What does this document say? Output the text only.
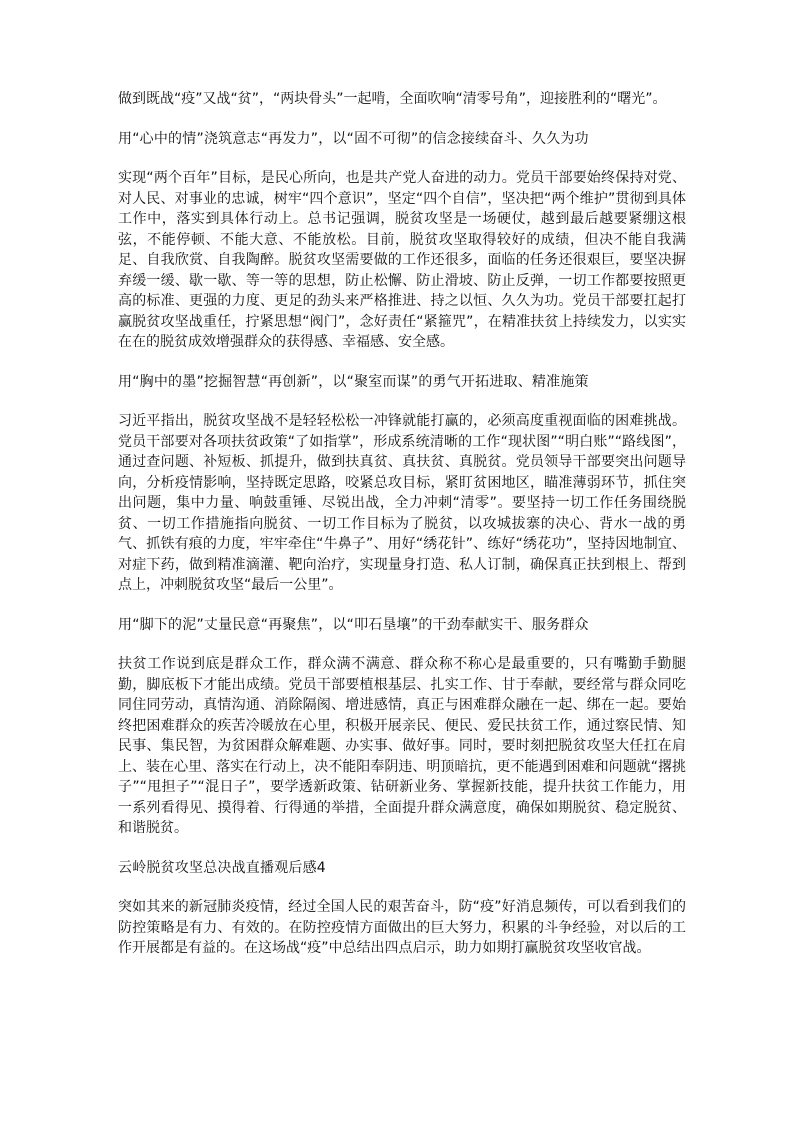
做到既战“疫”又战“贫”，“两块骨头”一起啃，全面吹响“清零号角”，迎接胜利的“曙光”。

用“心中的情”浇筑意志“再发力”，以“固不可彻”的信念接续奋斗、久久为功

实现“两个百年”目标，是民心所向，也是共产党人奋进的动力。党员干部要始终保持对党、对人民、对事业的忠诚，树牢“四个意识”，坚定“四个自信”，坚决把“两个维护”贯彻到具体工作中，落实到具体行动上。总书记强调，脱贫攻坚是一场硬仗，越到最后越要紧绷这根弦，不能停顿、不能大意、不能放松。目前，脱贫攻坚取得较好的成绩，但决不能自我满足、自我欣赏、自我陶醉。脱贫攻坚需要做的工作还很多，面临的任务还很艰巨，要坚决摒弃缓一缓、歇一歇、等一等的思想，防止松懈、防止滑坡、防止反弹，一切工作都要按照更高的标准、更强的力度、更足的劲头来严格推进、持之以恒、久久为功。党员干部要扛起打赢脱贫攻坚战重任，拧紧思想“阀门”，念好责任“紧箍咒”，在精准扶贫上持续发力，以实实在在的脱贫成效增强群众的获得感、幸福感、安全感。

用“胸中的墨”挖掘智慧“再创新”，以“聚室而谋”的勇气开拓进取、精准施策

习近平指出，脱贫攻坚战不是轻轻松松一冲锋就能打赢的，必须高度重视面临的困难挑战。党员干部要对各项扶贫政策“了如指掌”，形成系统清晰的工作“现状图”“明白账”“路线图”，通过查问题、补短板、抓提升，做到扶真贫、真扶贫、真脱贫。党员领导干部要突出问题导向，分析疫情影响，坚持既定思路，咬紧总攻目标，紧盯贫困地区，瞄准薄弱环节，抓住突出问题，集中力量、响鼓重锤、尽锐出战，全力冲刺“清零”。要坚持一切工作任务围绕脱贫、一切工作措施指向脱贫、一切工作目标为了脱贫，以攻城拔寨的决心、背水一战的勇气、抓铁有痕的力度，牢牢牵住“牛鼻子”、用好“绣花针”、练好“绣花功”，坚持因地制宜、对症下药，做到精准滴灌、靶向治疗，实现量身打造、私人订制，确保真正扶到根上、帮到点上，冲刺脱贫攻坚“最后一公里”。

用“脚下的泥”丈量民意“再聚焦”，以“叩石垦壤”的干劲奉献实干、服务群众

扶贫工作说到底是群众工作，群众满不满意、群众称不称心是最重要的，只有嘴勤手勤腿勤，脚底板下才能出成绩。党员干部要植根基层、扎实工作、甘于奉献，要经常与群众同吃同住同劳动，真情沟通、消除隔阂、增进感情，真正与困难群众融在一起、绑在一起。要始终把困难群众的疾苦冷暖放在心里，积极开展亲民、便民、爱民扶贫工作，通过察民情、知民事、集民智，为贫困群众解难题、办实事、做好事。同时，要时刻把脱贫攻坚大任扛在肩上、装在心里、落实在行动上，决不能阳奉阴违、明顶暗抗，更不能遇到困难和问题就“撂挑子”“甩担子”“混日子”，要学透新政策、钻研新业务、掌握新技能，提升扶贫工作能力，用一系列看得见、摸得着、行得通的举措，全面提升群众满意度，确保如期脱贫、稳定脱贫、和谐脱贫。

云岭脱贫攻坚总决战直播观后感4

突如其来的新冠肺炎疫情，经过全国人民的艰苦奋斗，防“疫”好消息频传，可以看到我们的防控策略是有力、有效的。在防控疫情方面做出的巨大努力，积累的斗争经验，对以后的工作开展都是有益的。在这场战“疫”中总结出四点启示，助力如期打赢脱贫攻坚收官战。
